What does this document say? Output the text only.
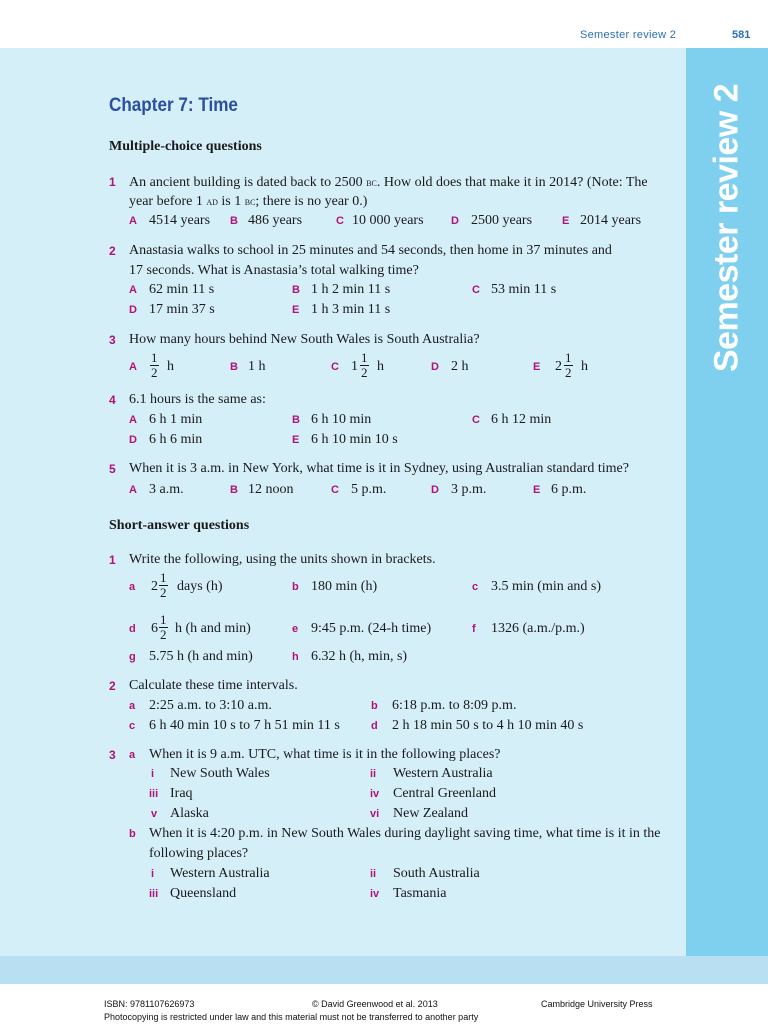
Semester review 2	581
Semester review 2
Chapter 7: Time
Multiple-choice questions
1 An ancient building is dated back to 2500 bc. How old does that make it in 2014? (Note: The
year before 1 ad is 1 bc; there is no year 0.)
A 4514 years B 486 years	C 10 000 years D 2500 years	E 2014 years
2 Anastasia walks to school in 25 minutes and 54 seconds, then home in 37 minutes and
17 seconds. What is Anastasia’s total walking time?
A 62 min 11 s	B 1 h 2 min 11 s	C 53 min 11 s
D 17 min 37 s	E 1 h 3 min 11 s
3 How many hours behind New South Wales is South Australia?
A $\frac{1}{2}$ h	B 1 h	C $1 \frac{1}{2}$ h	D 2 h	E $2 \frac{1}{2}$ h
4 6.1 hours is the same as:
A 6 h 1 min	B 6 h 10 min	C 6 h 12 min
D 6 h 6 min	E 6 h 10 min 10 s
5 When it is 3 a.m. in New York, what time is it in Sydney, using Australian standard time?
A 3 a.m.	B 12 noon	C 5 p.m.	D 3 p.m.	E 6 p.m.
Short-answer questions
1 Write the following, using the units shown in brackets.
a $2 \frac{1}{2}$ days (h)	b 180 min (h)	c 3.5 min (min and s)
d $6 \frac{1}{2}$ h (h and min)	e 9:45 p.m. (24-h time)	f 1326 (a.m./p.m.)
g 5.75 h (h and min)	h 6.32 h (h, min, s)
2 Calculate these time intervals.
a 2:25 a.m. to 3:10 a.m.	b 6:18 p.m. to 8:09 p.m.
c 6 h 40 min 10 s to 7 h 51 min 11 s	d 2 h 18 min 50 s to 4 h 10 min 40 s
3 a When it is 9 a.m. UTC, what time is it in the following places?
i New South Wales	ii Western Australia
iii Iraq	iv Central Greenland
v Alaska	vi New Zealand
b When it is 4:20 p.m. in New South Wales during daylight saving time, what time is it in the
following places?
i Western Australia	ii South Australia
iii Queensland	iv Tasmania
ISBN: 9781107626973	© David Greenwood et al. 2013	Cambridge University Press
Photocopying is restricted under law and this material must not be transferred to another party
